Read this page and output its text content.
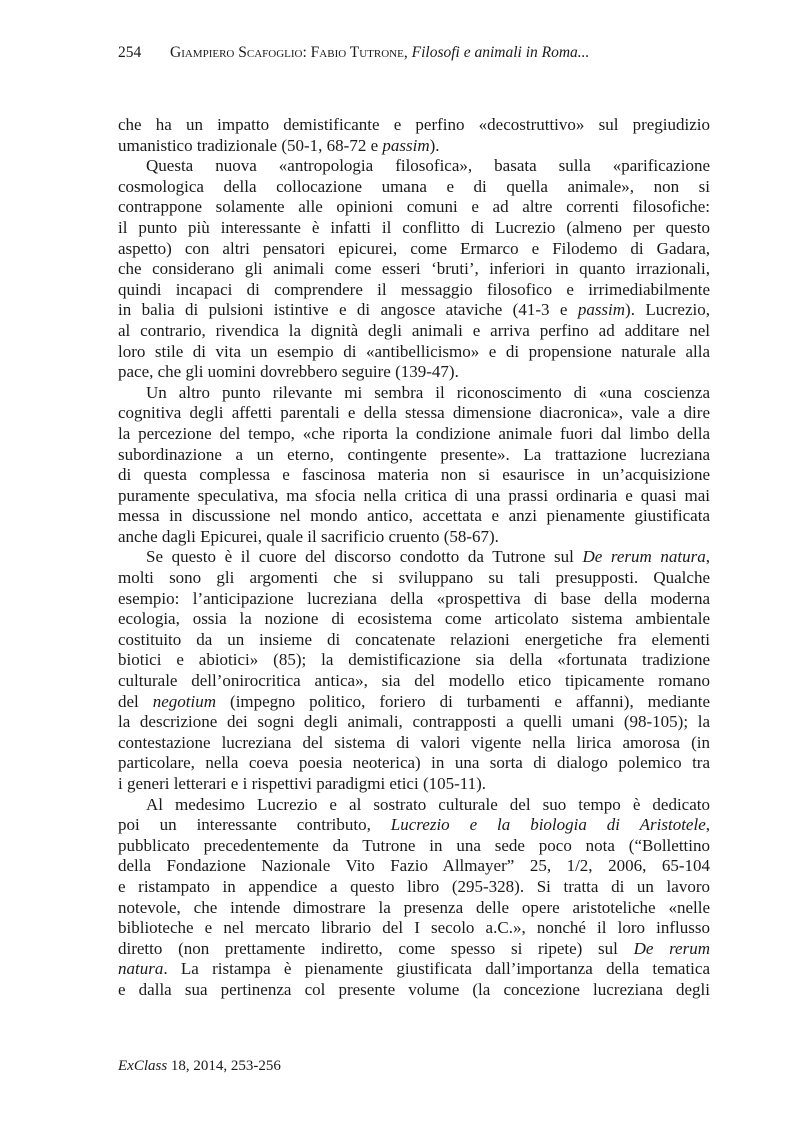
254 Giampiero Scafoglio: Fabio Tutrone, Filosofi e animali in Roma...
che ha un impatto demistificante e perfino «decostruttivo» sul pregiudizio
umanistico tradizionale (50-1, 68-72 e passim).
Questa nuova «antropologia filosofica», basata sulla «parificazione
cosmologica della collocazione umana e di quella animale», non si
contrappone solamente alle opinioni comuni e ad altre correnti filosofiche:
il punto più interessante è infatti il conflitto di Lucrezio (almeno per questo
aspetto) con altri pensatori epicurei, come Ermarco e Filodemo di Gadara,
che considerano gli animali come esseri ‘bruti’, inferiori in quanto irrazionali,
quindi incapaci di comprendere il messaggio filosofico e irrimediabilmente
in balia di pulsioni istintive e di angosce ataviche (41-3 e passim). Lucrezio,
al contrario, rivendica la dignità degli animali e arriva perfino ad additare nel
loro stile di vita un esempio di «antibellicismo» e di propensione naturale alla
pace, che gli uomini dovrebbero seguire (139-47).
Un altro punto rilevante mi sembra il riconoscimento di «una coscienza
cognitiva degli affetti parentali e della stessa dimensione diacronica», vale a dire
la percezione del tempo, «che riporta la condizione animale fuori dal limbo della
subordinazione a un eterno, contingente presente». La trattazione lucreziana
di questa complessa e fascinosa materia non si esaurisce in un’acquisizione
puramente speculativa, ma sfocia nella critica di una prassi ordinaria e quasi mai
messa in discussione nel mondo antico, accettata e anzi pienamente giustificata
anche dagli Epicurei, quale il sacrificio cruento (58-67).
Se questo è il cuore del discorso condotto da Tutrone sul De rerum natura,
molti sono gli argomenti che si sviluppano su tali presupposti. Qualche
esempio: l’anticipazione lucreziana della «prospettiva di base della moderna
ecologia, ossia la nozione di ecosistema come articolato sistema ambientale
costituito da un insieme di concatenate relazioni energetiche fra elementi
biotici e abiotici» (85); la demistificazione sia della «fortunata tradizione
culturale dell’onirocritica antica», sia del modello etico tipicamente romano
del negotium (impegno politico, foriero di turbamenti e affanni), mediante
la descrizione dei sogni degli animali, contrapposti a quelli umani (98-105); la
contestazione lucreziana del sistema di valori vigente nella lirica amorosa (in
particolare, nella coeva poesia neoterica) in una sorta di dialogo polemico tra
i generi letterari e i rispettivi paradigmi etici (105-11).
Al medesimo Lucrezio e al sostrato culturale del suo tempo è dedicato
poi un interessante contributo, Lucrezio e la biologia di Aristotele,
pubblicato precedentemente da Tutrone in una sede poco nota (“Bollettino
della Fondazione Nazionale Vito Fazio Allmayer” 25, 1/2, 2006, 65-104
e ristampato in appendice a questo libro (295-328). Si tratta di un lavoro
notevole, che intende dimostrare la presenza delle opere aristoteliche «nelle
biblioteche e nel mercato librario del I secolo a.C.», nonché il loro influsso
diretto (non prettamente indiretto, come spesso si ripete) sul De rerum
natura. La ristampa è pienamente giustificata dall’importanza della tematica
e dalla sua pertinenza col presente volume (la concezione lucreziana degli
ExClass 18, 2014, 253-256
